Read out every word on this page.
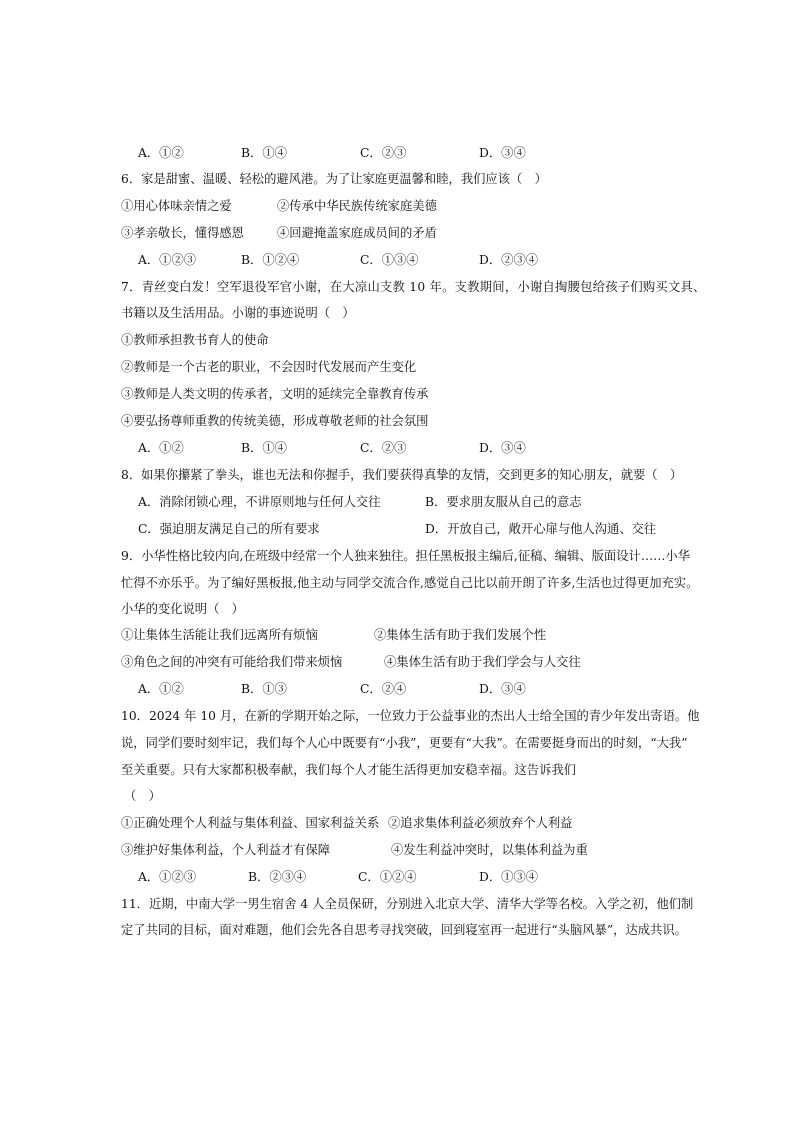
A．①②	B．①④	C．②③	D．③④
6．家是甜蜜、温暖、轻松的避风港。为了让家庭更温馨和睦，我们应该（　）
①用心体味亲情之爱	②传承中华民族传统家庭美德
③孝亲敬长，懂得感恩	④回避掩盖家庭成员间的矛盾
A．①②③	B．①②④	C．①③④	D．②③④
7．青丝变白发！空军退役军官小谢，在大凉山支教 10 年。支教期间，小谢自掏腰包给孩子们购买文具、
书籍以及生活用品。小谢的事迹说明（　）
①教师承担教书育人的使命
②教师是一个古老的职业，不会因时代发展而产生变化
③教师是人类文明的传承者，文明的延续完全靠教育传承
④要弘扬尊师重教的传统美德，形成尊敬老师的社会氛围
A．①②	B．①④	C．②③	D．③④
8．如果你攥紧了拳头，谁也无法和你握手，我们要获得真挚的友情，交到更多的知心朋友，就要（　）
A．消除闭锁心理，不讲原则地与任何人交往	B．要求朋友服从自己的意志
C．强迫朋友满足自己的所有要求	D．开放自己，敞开心扉与他人沟通、交往
9．小华性格比较内向,在班级中经常一个人独来独往。担任黑板报主编后,征稿、编辑、版面设计……小华
忙得不亦乐乎。为了编好黑板报,他主动与同学交流合作,感觉自己比以前开朗了许多,生活也过得更加充实。
小华的变化说明（　）
①让集体生活能让我们远离所有烦恼	②集体生活有助于我们发展个性
③角色之间的冲突有可能给我们带来烦恼	④集体生活有助于我们学会与人交往
A．①②	B．①③	C．②④	D．③④
10．2024 年 10 月，在新的学期开始之际，一位致力于公益事业的杰出人士给全国的青少年发出寄语。他
说，同学们要时刻牢记，我们每个人心中既要有“小我”，更要有“大我”。在需要挺身而出的时刻，“大我”
至关重要。只有大家都积极奉献，我们每个人才能生活得更加安稳幸福。这告诉我们
（　）
①正确处理个人利益与集体利益、国家利益关系 ②追求集体利益必须放弃个人利益
③维护好集体利益，个人利益才有保障	④发生利益冲突时，以集体利益为重
A．①②③	B．②③④	C．①②④	D．①③④
11．近期，中南大学一男生宿舍 4 人全员保研，分别进入北京大学、清华大学等名校。入学之初，他们制
定了共同的目标，面对难题，他们会先各自思考寻找突破，回到寝室再一起进行“头脑风暴”，达成共识。
